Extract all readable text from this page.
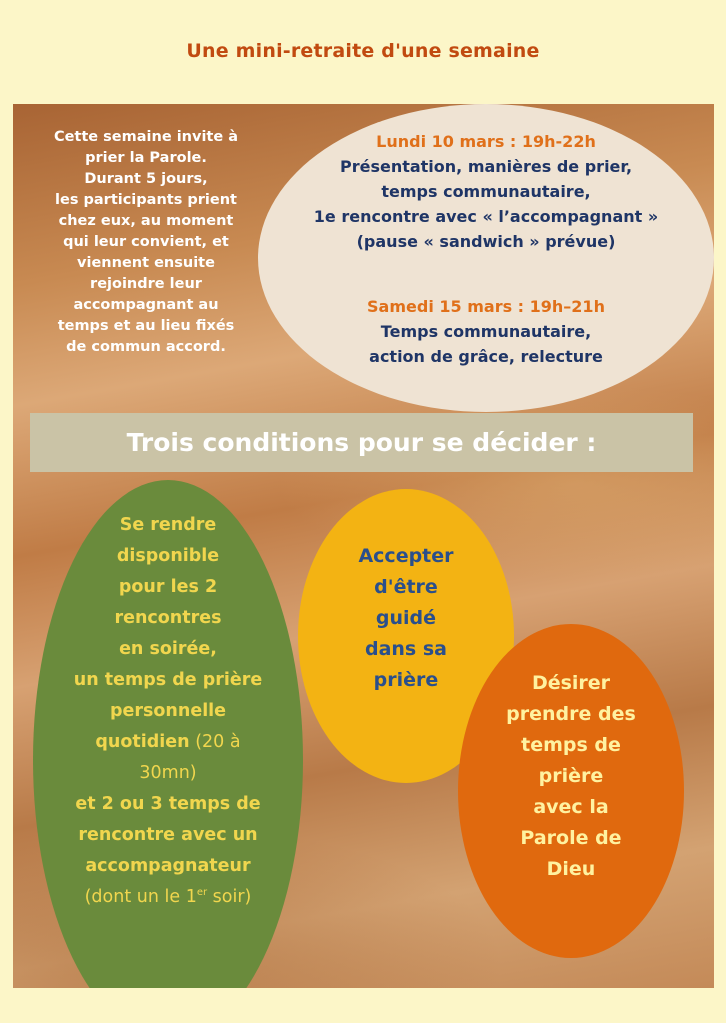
Une mini-retraite d'une semaine
Cette semaine invite à
prier la Parole.
Durant 5 jours,
les participants prient
chez eux, au moment
qui leur convient, et
viennent ensuite
rejoindre leur
accompagnant au
temps et au lieu fixés
de commun accord.
Lundi 10 mars : 19h-22h
Présentation, manières de prier,
temps communautaire,
1e rencontre avec « l’accompagnant »
(pause « sandwich » prévue)
Samedi 15 mars : 19h–21h
Temps communautaire,
action de grâce, relecture
Trois conditions pour se décider :
Se rendre
disponible
pour les 2
rencontres
en soirée,
un temps de prière
personnelle
quotidien (20 à
30mn)
et 2 ou 3 temps de
rencontre avec un
accompagnateur
(dont un le 1er soir)
Accepter
d'être
guidé
dans sa
prière	Désirer
prendre des
temps de
prière
avec la
Parole de
Dieu
